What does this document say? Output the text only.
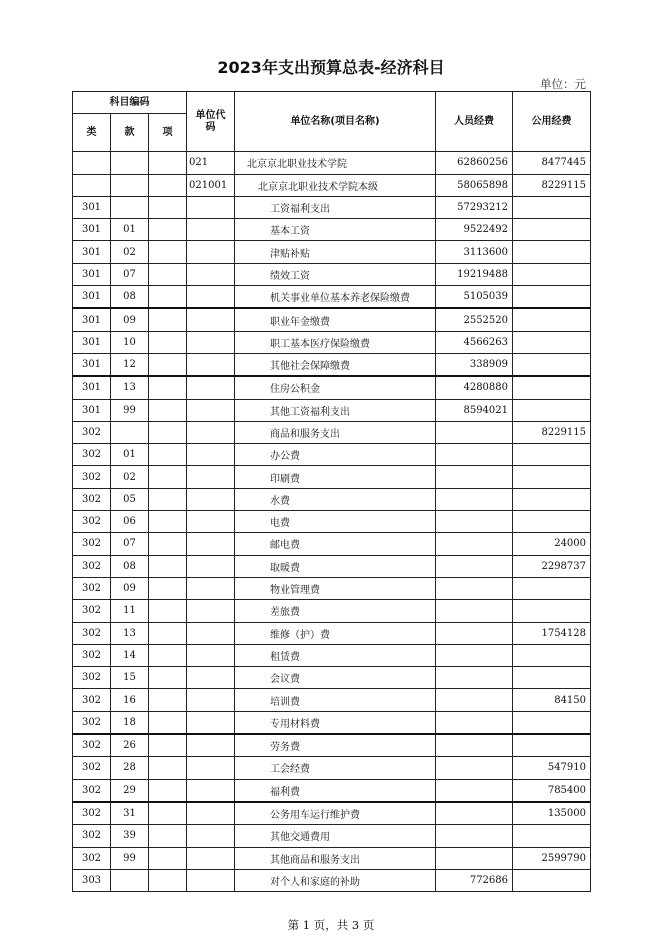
2023年支出预算总表-经济科目
单位：元
科目编码			单位代码	单位名称(项目名称)	人员经费	公用经费
类	款	项				
			021	北京京北职业技术学院	62860256	8477445
			021001	北京京北职业技术学院本级	58065898	8229115
301				工资福利支出	57293212	
301	01			基本工资	9522492	
301	02			津贴补贴	3113600	
301	07			绩效工资	19219488	
301	08			机关事业单位基本养老保险缴费	5105039	
301	09			职业年金缴费	2552520	
301	10			职工基本医疗保险缴费	4566263	
301	12			其他社会保障缴费	338909	
301	13			住房公积金	4280880	
301	99			其他工资福利支出	8594021	
302				商品和服务支出		8229115
302	01			办公费		
302	02			印刷费		
302	05			水费		
302	06			电费		
302	07			邮电费		24000
302	08			取暖费		2298737
302	09			物业管理费		
302	11			差旅费		
302	13			维修（护）费		1754128
302	14			租赁费		
302	15			会议费		
302	16			培训费		84150
302	18			专用材料费		
302	26			劳务费		
302	28			工会经费		547910
302	29			福利费		785400
302	31			公务用车运行维护费		135000
302	39			其他交通费用		
302	99			其他商品和服务支出		2599790
303				对个人和家庭的补助	772686	
第 1 页，共 3 页
